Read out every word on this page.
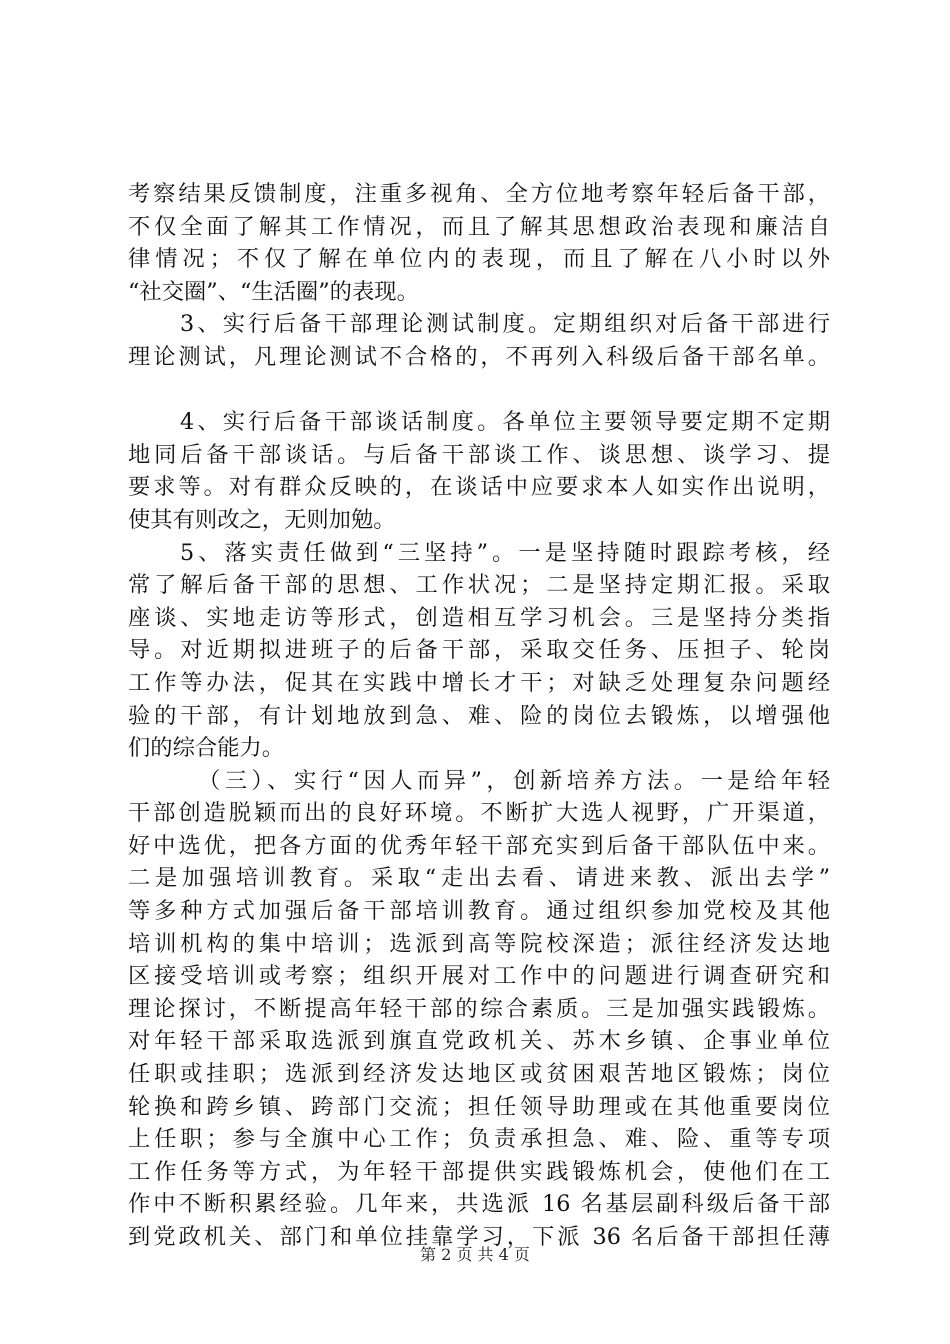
考察结果反馈制度，注重多视角、全方位地考察年轻后备干部，
不仅全面了解其工作情况，而且了解其思想政治表现和廉洁自
律情况；不仅了解在单位内的表现，而且了解在八小时以外
“社交圈”、“生活圈”的表现。
3、实行后备干部理论测试制度。定期组织对后备干部进行
理论测试，凡理论测试不合格的，不再列入科级后备干部名单。
4、实行后备干部谈话制度。各单位主要领导要定期不定期
地同后备干部谈话。与后备干部谈工作、谈思想、谈学习、提
要求等。对有群众反映的，在谈话中应要求本人如实作出说明，
使其有则改之，无则加勉。
5、落实责任做到“三坚持”。一是坚持随时跟踪考核，经
常了解后备干部的思想、工作状况；二是坚持定期汇报。采取
座谈、实地走访等形式，创造相互学习机会。三是坚持分类指
导。对近期拟进班子的后备干部，采取交任务、压担子、轮岗
工作等办法，促其在实践中增长才干；对缺乏处理复杂问题经
验的干部，有计划地放到急、难、险的岗位去锻炼，以增强他
们的综合能力。
（三）、实行“因人而异”，创新培养方法。一是给年轻
干部创造脱颖而出的良好环境。不断扩大选人视野，广开渠道，
好中选优，把各方面的优秀年轻干部充实到后备干部队伍中来。
二是加强培训教育。采取“走出去看、请进来教、派出去学”
等多种方式加强后备干部培训教育。通过组织参加党校及其他
培训机构的集中培训；选派到高等院校深造；派往经济发达地
区接受培训或考察；组织开展对工作中的问题进行调查研究和
理论探讨，不断提高年轻干部的综合素质。三是加强实践锻炼。
对年轻干部采取选派到旗直党政机关、苏木乡镇、企事业单位
任职或挂职；选派到经济发达地区或贫困艰苦地区锻炼；岗位
轮换和跨乡镇、跨部门交流；担任领导助理或在其他重要岗位
上任职；参与全旗中心工作；负责承担急、难、险、重等专项
工作任务等方式，为年轻干部提供实践锻炼机会，使他们在工
作中不断积累经验。几年来，共选派 16 名基层副科级后备干部
到党政机关、部门和单位挂靠学习，下派 36 名后备干部担任薄
第 2 页 共 4 页
